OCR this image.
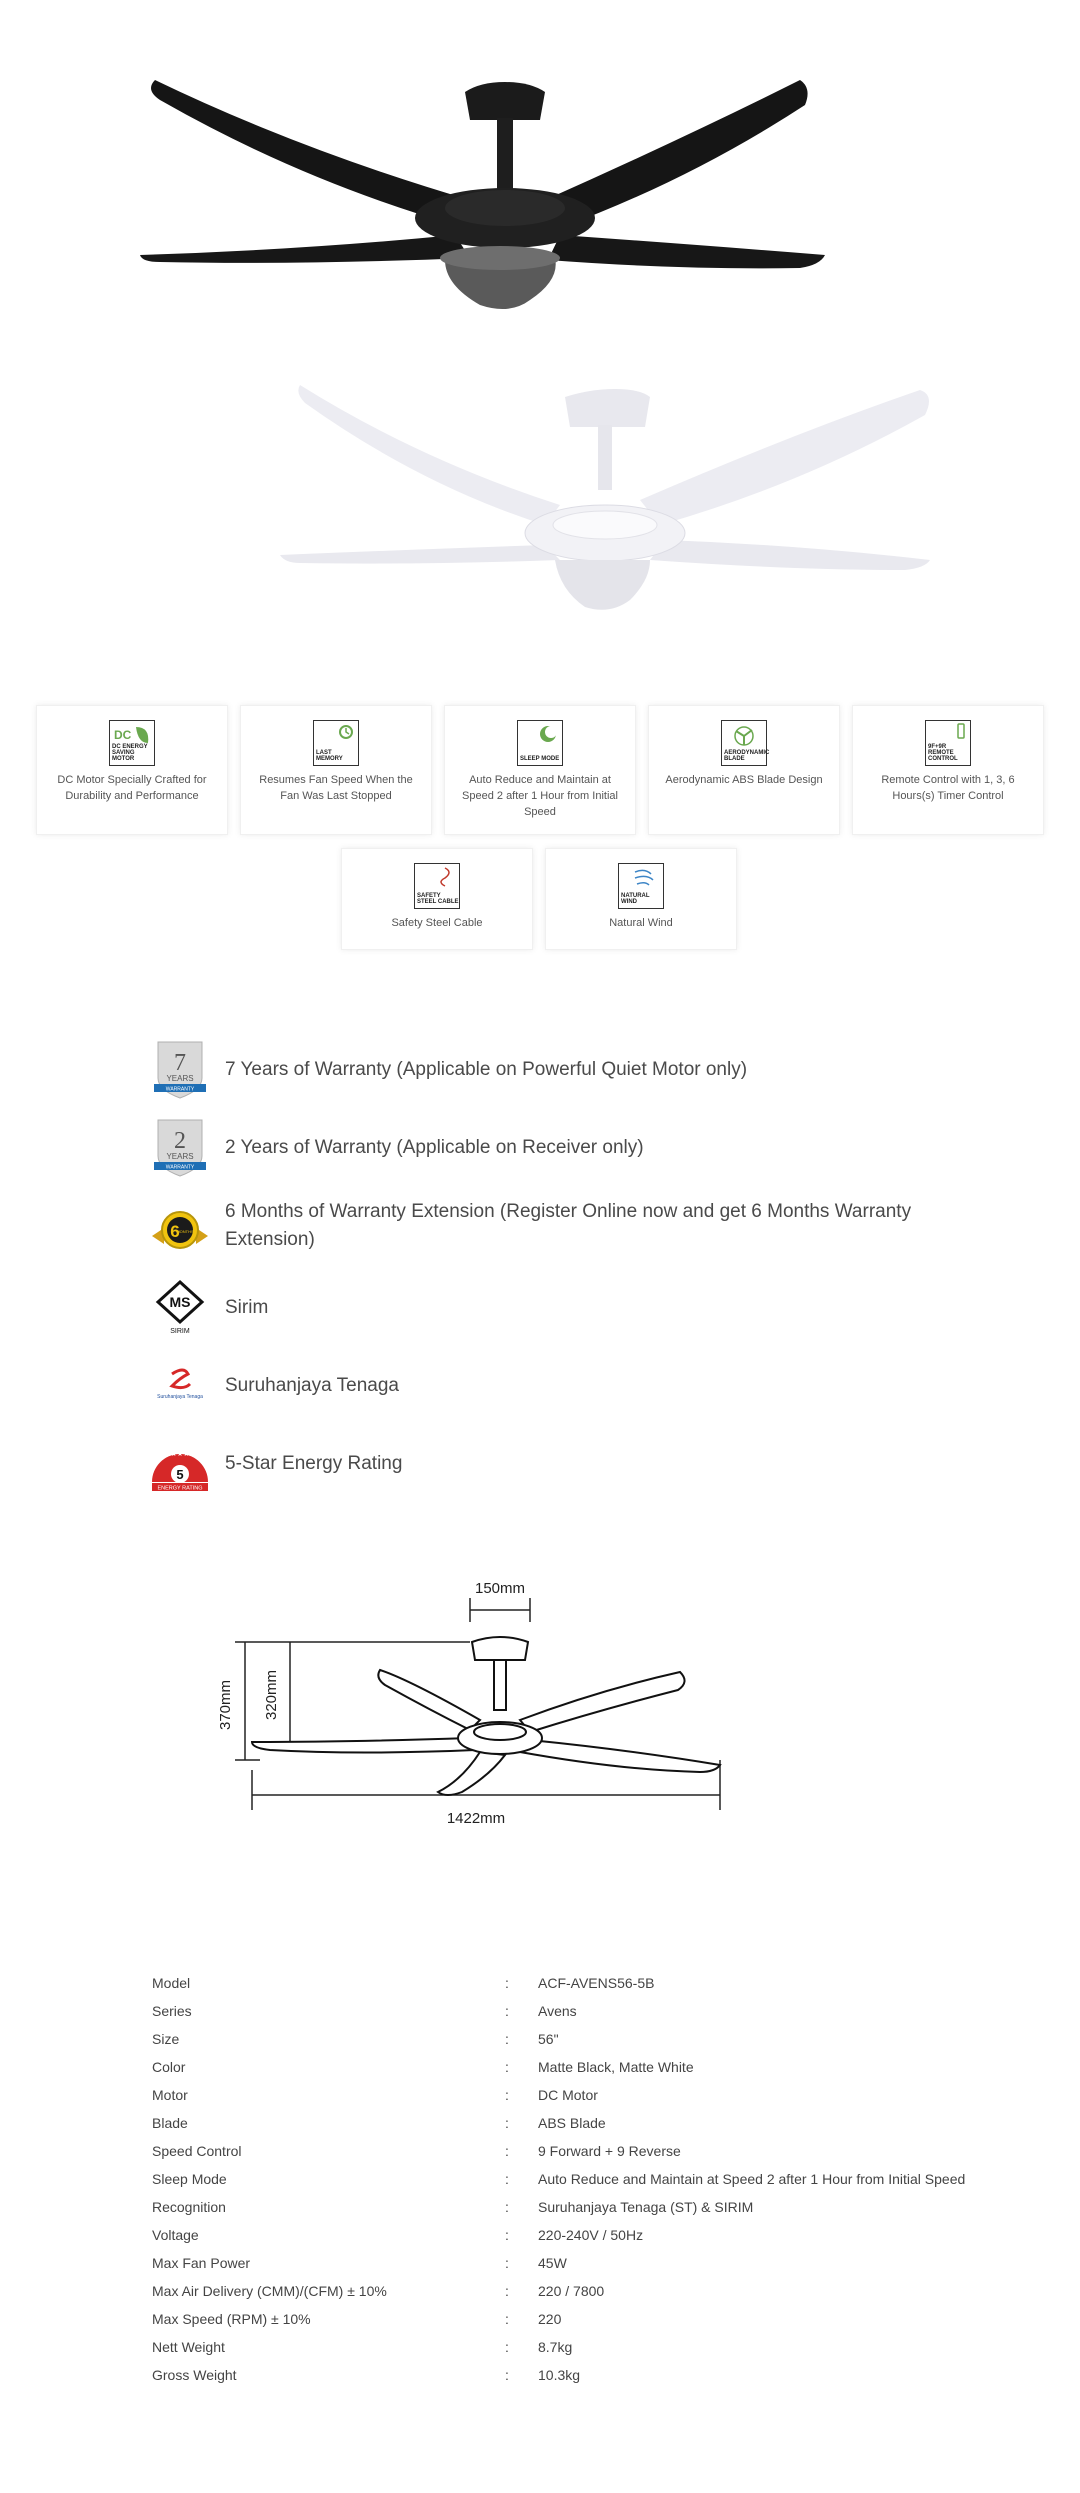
DC
DC ENERGY SAVING MOTOR
DC Motor Specially Crafted for Durability and Performance
LAST MEMORY
Resumes Fan Speed When the Fan Was Last Stopped
SLEEP MODE
Auto Reduce and Maintain at Speed 2 after 1 Hour from Initial Speed
AERODYNAMIC BLADE
Aerodynamic ABS Blade Design
9F+9R REMOTE CONTROL
Remote Control with 1, 3, 6 Hours(s) Timer Control
SAFETY STEEL CABLE
Safety Steel Cable
NATURAL WIND
Natural Wind
7
YEARS
WARRANTY
7 Years of Warranty (Applicable on Powerful Quiet Motor only)
2
YEARS
WARRANTY
2 Years of Warranty (Applicable on Receiver only)
6
MONTHS
6 Months of Warranty Extension (Register Online now and get 6 Months Warranty
Extension)
MS
SIRIM
Sirim
Suruhanjaya Tenaga
Suruhanjaya Tenaga
5
ENERGY RATING
★★★★★ 5-Star Energy Rating
150mm
370mm 320mm
1422mm
Model	: ACF-AVENS56-5B
Series	: Avens
Size	: 56"
Color	: Matte Black, Matte White
Motor	: DC Motor
Blade	: ABS Blade
Speed Control	: 9 Forward + 9 Reverse
Sleep Mode	: Auto Reduce and Maintain at Speed 2 after 1 Hour from Initial Speed
Recognition	: Suruhanjaya Tenaga (ST) & SIRIM
Voltage	: 220-240V / 50Hz
Max Fan Power	: 45W
Max Air Delivery (CMM)/(CFM) ± 10%	: 220 / 7800
Max Speed (RPM) ± 10%	: 220
Nett Weight	: 8.7kg
Gross Weight	: 10.3kg
